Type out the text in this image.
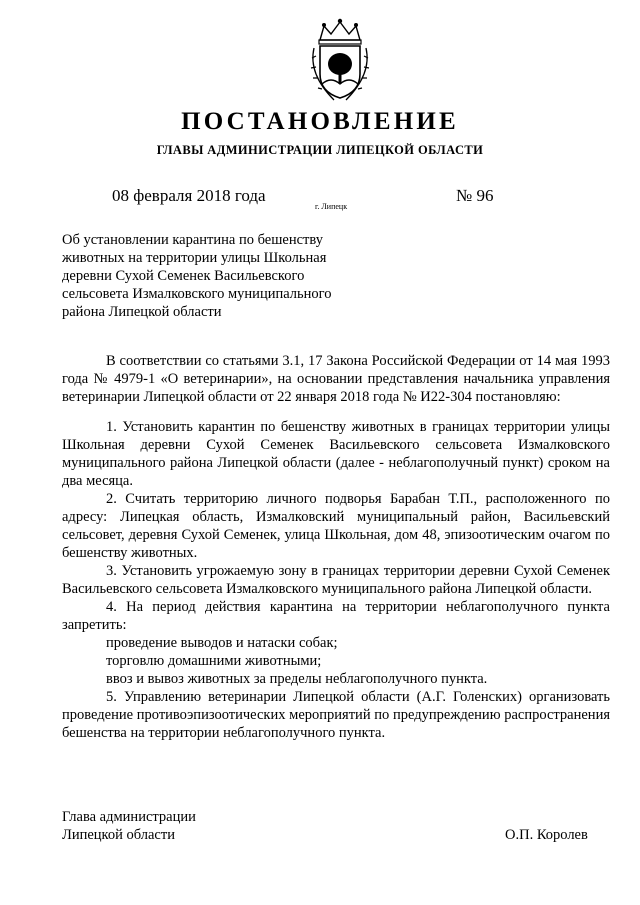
ПОСТАНОВЛЕНИЕ
ГЛАВЫ АДМИНИСТРАЦИИ ЛИПЕЦКОЙ ОБЛАСТИ
08 февраля 2018 года
г. Липецк
№ 96
Об установлении карантина по бешенству
животных на территории улицы Школьная
деревни Сухой Семенек Васильевского
сельсовета Измалковского муниципального
района Липецкой области

В соответствии со статьями 3.1, 17 Закона Российской Федерации от 14 мая 1993 года № 4979-1 «О ветеринарии», на основании представления начальника управления ветеринарии Липецкой области от 22 января 2018 года № И22-304 постановляю:

1. Установить карантин по бешенству животных в границах территории улицы Школьная деревни Сухой Семенек Васильевского сельсовета Измалковского муниципального района Липецкой области (далее - неблагополучный пункт) сроком на два месяца.

2. Считать территорию личного подворья Барабан Т.П., расположенного по адресу: Липецкая область, Измалковский муниципальный район, Васильевский сельсовет, деревня Сухой Семенек, улица Школьная, дом 48, эпизоотическим очагом по бешенству животных.

3. Установить угрожаемую зону в границах территории деревни Сухой Семенек Васильевского сельсовета Измалковского муниципального района Липецкой области.

4. На период действия карантина на территории неблагополучного пункта запретить:

проведение выводов и натаски собак;

торговлю домашними животными;

ввоз и вывоз животных за пределы неблагополучного пункта.

5. Управлению ветеринарии Липецкой области (А.Г. Голенских) организовать проведение противоэпизоотических мероприятий по предупреждению распространения бешенства на территории неблагополучного пункта.

Глава администрации
Липецкой области	О.П. Королев
